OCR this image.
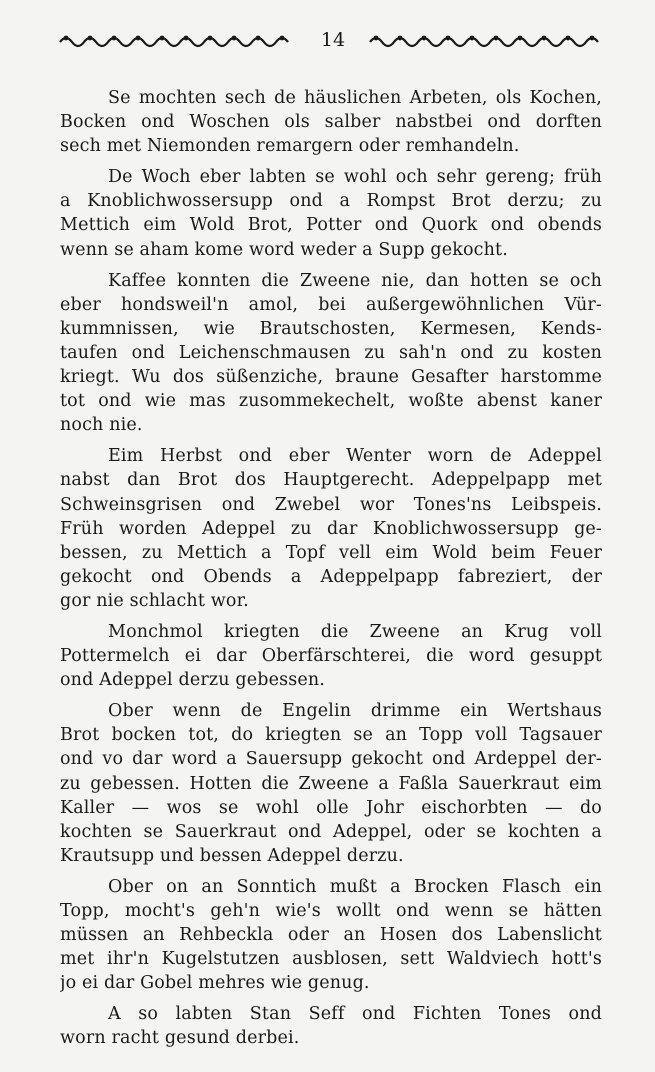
14
Se mochten sech de häuslichen Arbeten, ols Kochen,
Bocken ond Woschen ols salber nabstbei ond dorften
sech met Niemonden remargern oder remhandeln.
De Woch eber labten se wohl och sehr gereng; früh
a Knoblichwossersupp ond a Rompst Brot derzu; zu
Mettich eim Wold Brot, Potter ond Quork ond obends
wenn se aham kome word weder a Supp gekocht.
Kaffee konnten die Zweene nie, dan hotten se och
eber hondsweil'n amol, bei außergewöhnlichen Vür-
kummnissen, wie Brautschosten, Kermesen, Kends-
taufen ond Leichenschmausen zu sah'n ond zu kosten
kriegt. Wu dos süßenziche, braune Gesafter harstomme
tot ond wie mas zusommekechelt, woßte abenst kaner
noch nie.
Eim Herbst ond eber Wenter worn de Adeppel
nabst dan Brot dos Hauptgerecht. Adeppelpapp met
Schweinsgrisen ond Zwebel wor Tones'ns Leibspeis.
Früh worden Adeppel zu dar Knoblichwossersupp ge-
bessen, zu Mettich a Topf vell eim Wold beim Feuer
gekocht ond Obends a Adeppelpapp fabreziert, der
gor nie schlacht wor.
Monchmol kriegten die Zweene an Krug voll
Pottermelch ei dar Oberfärschterei, die word gesuppt
ond Adeppel derzu gebessen.
Ober wenn de Engelin drimme ein Wertshaus
Brot bocken tot, do kriegten se an Topp voll Tagsauer
ond vo dar word a Sauersupp gekocht ond Ardeppel der-
zu gebessen. Hotten die Zweene a Faßla Sauerkraut eim
Kaller — wos se wohl olle Johr eischorbten — do
kochten se Sauerkraut ond Adeppel, oder se kochten a
Krautsupp und bessen Adeppel derzu.
Ober on an Sonntich mußt a Brocken Flasch ein
Topp, mocht's geh'n wie's wollt ond wenn se hätten
müssen an Rehbeckla oder an Hosen dos Labenslicht
met ihr'n Kugelstutzen ausblosen, sett Waldviech hott's
jo ei dar Gobel mehres wie genug.
A so labten Stan Seff ond Fichten Tones ond
worn racht gesund derbei.
